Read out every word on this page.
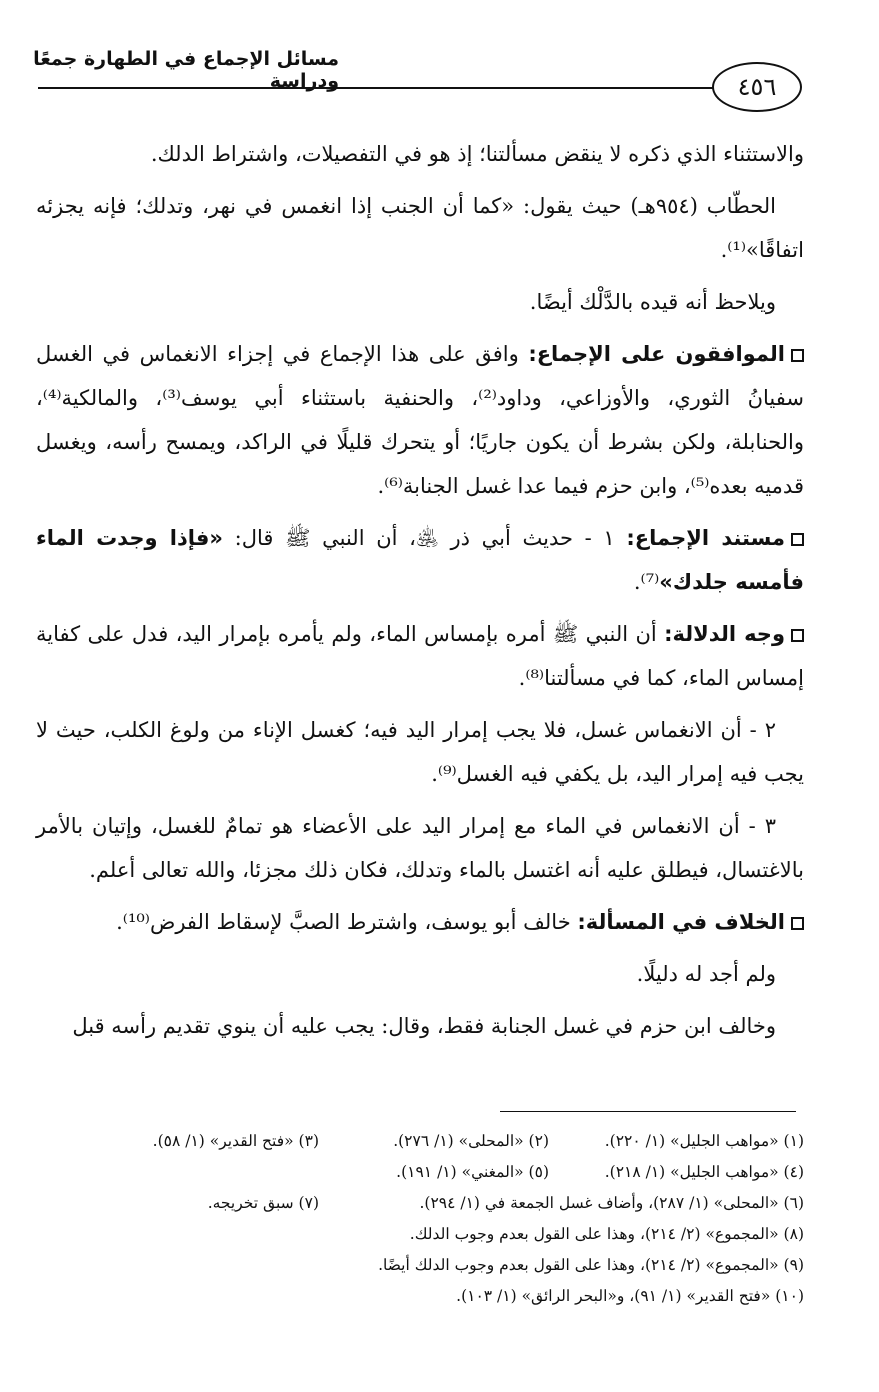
مسائل الإجماع في الطهارة جمعًا ودراسة	٤٥٦

والاستثناء الذي ذكره لا ينقض مسألتنا؛ إذ هو في التفصيلات، واشتراط الدلك.

الحطّاب (٩٥٤هـ) حيث يقول: «كما أن الجنب إذا انغمس في نهر، وتدلك؛ فإنه يجزئه اتفاقًا»⁽¹⁾.

ويلاحظ أنه قيده بالدَّلْك أيضًا.

الموافقون على الإجماع: وافق على هذا الإجماع في إجزاء الانغماس في الغسل سفيانُ الثوري، والأوزاعي، وداود⁽²⁾، والحنفية باستثناء أبي يوسف⁽³⁾، والمالكية⁽⁴⁾، والحنابلة، ولكن بشرط أن يكون جاريًا؛ أو يتحرك قليلًا في الراكد، ويمسح رأسه، ويغسل قدميه بعده⁽⁵⁾، وابن حزم فيما عدا غسل الجنابة⁽⁶⁾.

مستند الإجماع: ١ - حديث أبي ذر ﵁، أن النبي ﷺ قال: «فإذا وجدت الماء فأمسه جلدك»⁽⁷⁾.

وجه الدلالة: أن النبي ﷺ أمره بإمساس الماء، ولم يأمره بإمرار اليد، فدل على كفاية إمساس الماء، كما في مسألتنا⁽⁸⁾.

٢ - أن الانغماس غسل، فلا يجب إمرار اليد فيه؛ كغسل الإناء من ولوغ الكلب، حيث لا يجب فيه إمرار اليد، بل يكفي فيه الغسل⁽⁹⁾.

٣ - أن الانغماس في الماء مع إمرار اليد على الأعضاء هو تمامٌ للغسل، وإتيان بالأمر بالاغتسال، فيطلق عليه أنه اغتسل بالماء وتدلك، فكان ذلك مجزئا، والله تعالى أعلم.

الخلاف في المسألة: خالف أبو يوسف، واشترط الصبَّ لإسقاط الفرض⁽¹⁰⁾.

ولم أجد له دليلًا.

وخالف ابن حزم في غسل الجنابة فقط، وقال: يجب عليه أن ينوي تقديم رأسه قبل

(١) «مواهب الجليل» (١/ ٢٢٠).
(٢) «المحلى» (١/ ٢٧٦).
(٣) «فتح القدير» (١/ ٥٨).
(٤) «مواهب الجليل» (١/ ٢١٨).
(٥) «المغني» (١/ ١٩١).
(٦) «المحلى» (١/ ٢٨٧)، وأضاف غسل الجمعة في (١/ ٢٩٤).
(٧) سبق تخريجه.
(٨) «المجموع» (٢/ ٢١٤)، وهذا على القول بعدم وجوب الدلك.
(٩) «المجموع» (٢/ ٢١٤)، وهذا على القول بعدم وجوب الدلك أيضًا.
(١٠) «فتح القدير» (١/ ٩١)، و«البحر الرائق» (١/ ١٠٣).
